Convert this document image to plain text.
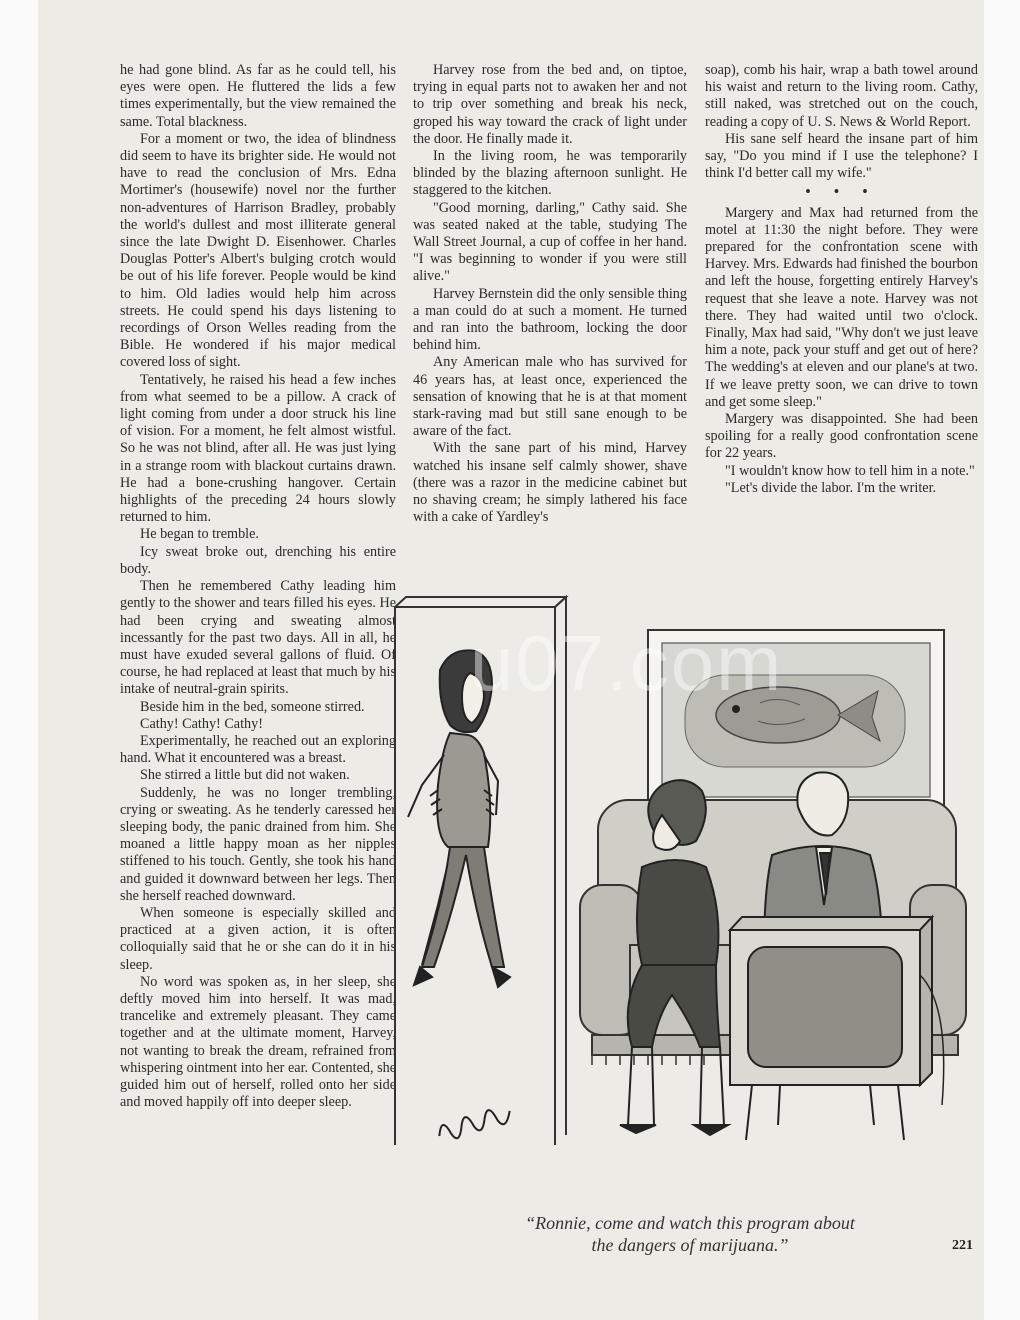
he had gone blind. As far as he could tell, his eyes were open. He fluttered the lids a few times experimentally, but the view remained the same. Total blackness.

For a moment or two, the idea of blindness did seem to have its brighter side. He would not have to read the conclusion of Mrs. Edna Mortimer's (housewife) novel nor the further non-adventures of Harrison Bradley, probably the world's dullest and most illiterate general since the late Dwight D. Eisenhower. Charles Douglas Potter's Albert's bulging crotch would be out of his life forever. People would be kind to him. Old ladies would help him across streets. He could spend his days listening to recordings of Orson Welles reading from the Bible. He wondered if his major medical covered loss of sight.

Tentatively, he raised his head a few inches from what seemed to be a pillow. A crack of light coming from under a door struck his line of vision. For a moment, he felt almost wistful. So he was not blind, after all. He was just lying in a strange room with blackout curtains drawn. He had a bone-crushing hangover. Certain highlights of the preceding 24 hours slowly returned to him.

He began to tremble.

Icy sweat broke out, drenching his entire body.

Then he remembered Cathy leading him gently to the shower and tears filled his eyes. He had been crying and sweating almost incessantly for the past two days. All in all, he must have exuded several gallons of fluid. Of course, he had replaced at least that much by his intake of neutral-grain spirits.

Beside him in the bed, someone stirred.

Cathy! Cathy! Cathy!

Experimentally, he reached out an exploring hand. What it encountered was a breast.

She stirred a little but did not waken.

Suddenly, he was no longer trembling, crying or sweating. As he tenderly caressed her sleeping body, the panic drained from him. She moaned a little happy moan as her nipples stiffened to his touch. Gently, she took his hand and guided it downward between her legs. Then she herself reached downward.

When someone is especially skilled and practiced at a given action, it is often colloquially said that he or she can do it in his sleep.

No word was spoken as, in her sleep, she deftly moved him into herself. It was mad, trancelike and extremely pleasant. They came together and at the ultimate moment, Harvey, not wanting to break the dream, refrained from whispering ointment into her ear. Contented, she guided him out of herself, rolled onto her side and moved happily off into deeper sleep.

Harvey rose from the bed and, on tiptoe, trying in equal parts not to awaken her and not to trip over something and break his neck, groped his way toward the crack of light under the door. He finally made it.

In the living room, he was temporarily blinded by the blazing afternoon sunlight. He staggered to the kitchen.

"Good morning, darling," Cathy said. She was seated naked at the table, studying The Wall Street Journal, a cup of coffee in her hand. "I was beginning to wonder if you were still alive."

Harvey Bernstein did the only sensible thing a man could do at such a moment. He turned and ran into the bathroom, locking the door behind him.

Any American male who has survived for 46 years has, at least once, experienced the sensation of knowing that he is at that moment stark-raving mad but still sane enough to be aware of the fact.

With the sane part of his mind, Harvey watched his insane self calmly shower, shave (there was a razor in the medicine cabinet but no shaving cream; he simply lathered his face with a cake of Yardley's

soap), comb his hair, wrap a bath towel around his waist and return to the living room. Cathy, still naked, was stretched out on the couch, reading a copy of U. S. News & World Report.

His sane self heard the insane part of him say, "Do you mind if I use the telephone? I think I'd better call my wife."

• • •

Margery and Max had returned from the motel at 11:30 the night before. They were prepared for the confrontation scene with Harvey. Mrs. Edwards had finished the bourbon and left the house, forgetting entirely Harvey's request that she leave a note. Harvey was not there. They had waited until two o'clock. Finally, Max had said, "Why don't we just leave him a note, pack your stuff and get out of here? The wedding's at eleven and our plane's at two. If we leave pretty soon, we can drive to town and get some sleep."

Margery was disappointed. She had been spoiling for a really good confrontation scene for 22 years.

"I wouldn't know how to tell him in a note."

"Let's divide the labor. I'm the writer.

u07.com
“Ronnie, come and watch this program about
the dangers of marijuana.”	221
